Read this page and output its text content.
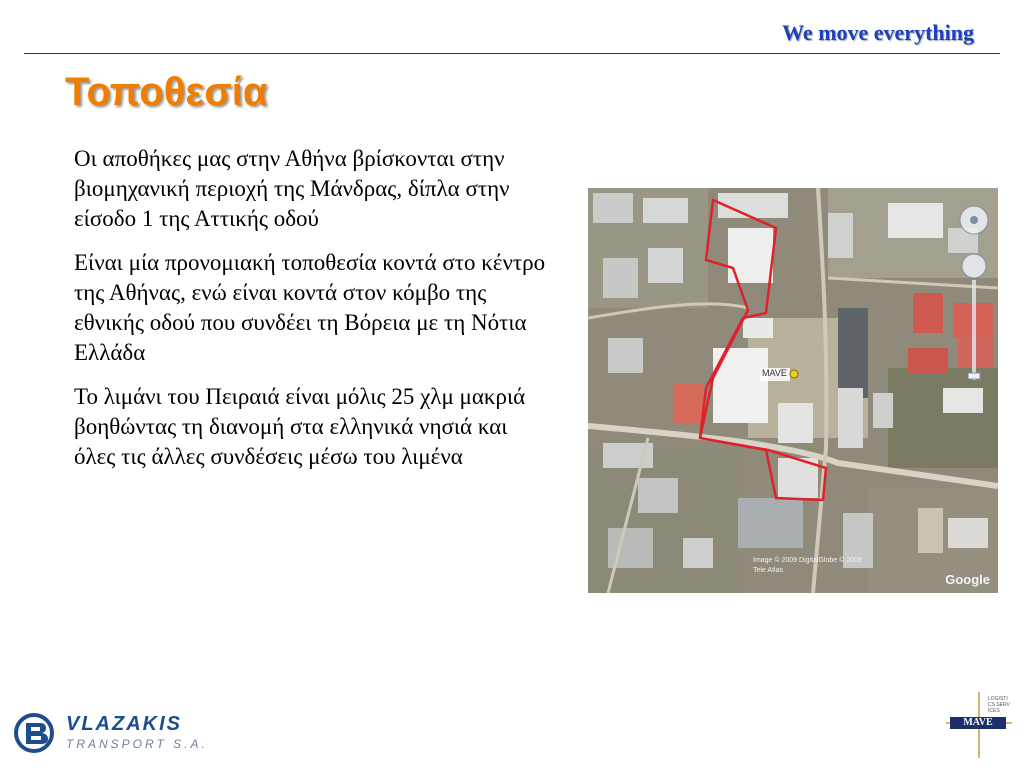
We move everything
Τοποθεσία

Οι αποθήκες μας στην Αθήνα βρίσκονται στην βιομηχανική περιοχή της Μάνδρας, δίπλα στην είσοδο 1 της Αττικής οδού

Είναι μία προνομιακή τοποθεσία κοντά στο κέντρο της Αθήνας, ενώ είναι κοντά στον κόμβο της εθνικής οδού που συνδέει τη Βόρεια με τη Νότια Ελλάδα

Το λιμάνι του Πειραιά είναι μόλις 25 χλμ μακριά βοηθώντας τη διανομή στα ελληνικά νησιά και όλες τις άλλες συνδέσεις μέσω του λιμένα

MAVE
Image © 2009 DigitalGlobe © 2009 Tele Atlas
Google
VLAZAKIS
TRANSPORT S.A.
MAVE
LOGISTICS SERVICES
